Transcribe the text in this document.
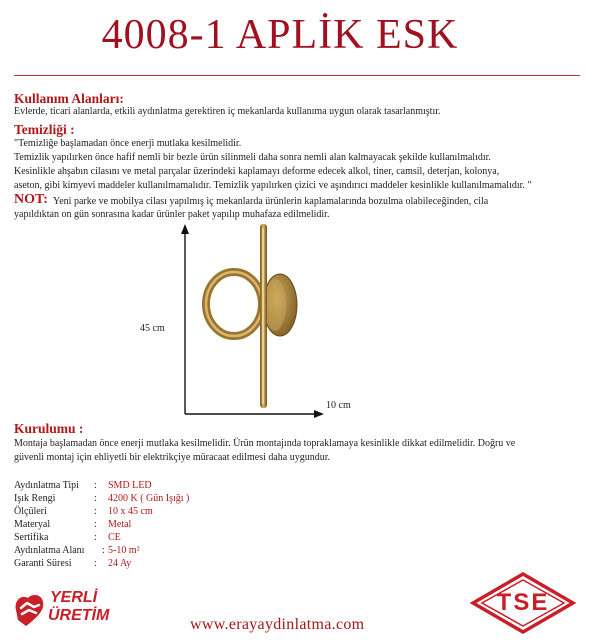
4008-1 APLİK ESK
Kullanım Alanları:
Evlerde, ticari alanlarda, etkili aydınlatma gerektiren iç mekanlarda kullanıma uygun olarak tasarlanmıştır.
Temizliği :
"Temizliğe başlamadan önce enerji mutlaka kesilmelidir.
Temizlik yapılırken önce hafif nemli bir bezle ürün silinmeli daha sonra nemli alan kalmayacak şekilde kullanılmalıdır.
Kesinlikle ahşabın cilasını ve metal parçalar üzerindeki kaplamayı deforme edecek alkol, tiner, camsil, deterjan, kolonya,
aseton, gibi kimyevi maddeler kullanılmamalıdır. Temizlik yapılırken çizici ve aşındırıcı maddeler kesinlikle kullanılmamalıdır. "
NOT: Yeni parke ve mobilya cilası yapılmış iç mekanlarda ürünlerin kaplamalarında bozulma olabileceğinden, cila
yapıldıktan on gün sonrasına kadar ürünler paket yapılıp muhafaza edilmelidir.
45 cm
10 cm
Kurulumu :
Montaja başlamadan önce enerji mutlaka kesilmelidir. Ürün montajında topraklamaya kesinlikle dikkat edilmelidir. Doğru ve
güvenli montaj için ehliyetli bir elektrikçiye müracaat edilmesi daha uygundur.
Aydınlatma Tipi	: SMD LED
Işık Rengi	: 4200 K ( Gün Işığı )
Ölçüleri	: 10 x 45 cm
Materyal	: Metal
Sertifika	: CE
Aydınlatma Alanı	: 5-10 m²
Garanti Süresi	: 24 Ay
YERLİ
ÜRETİM
www.erayaydinlatma.com
TSE
